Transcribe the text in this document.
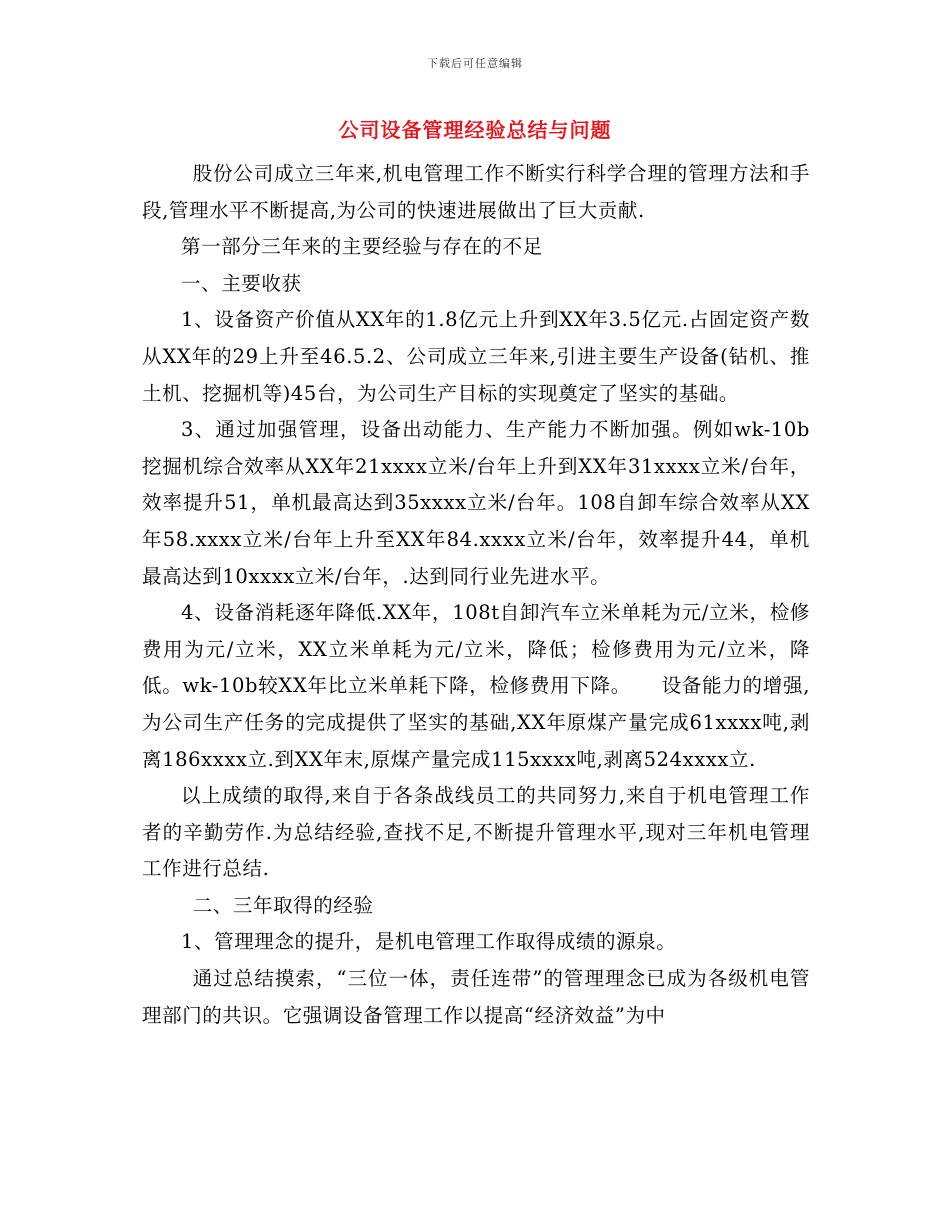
下载后可任意编辑
公司设备管理经验总结与问题

股份公司成立三年来,机电管理工作不断实行科学合理的管理方法和手段,管理水平不断提高,为公司的快速进展做出了巨大贡献.

第一部分三年来的主要经验与存在的不足

一、主要收获

1、设备资产价值从XX年的1.8亿元上升到XX年3.5亿元.占固定资产数从XX年的29上升至46.5.2、公司成立三年来,引进主要生产设备(钻机、推土机、挖掘机等)45台，为公司生产目标的实现奠定了坚实的基础。

3、通过加强管理，设备出动能力、生产能力不断加强。例如wk-10b挖掘机综合效率从XX年21xxxx立米/台年上升到XX年31xxxx立米/台年，效率提升51，单机最高达到35xxxx立米/台年。108自卸车综合效率从XX年58.xxxx立米/台年上升至XX年84.xxxx立米/台年，效率提升44，单机最高达到10xxxx立米/台年，.达到同行业先进水平。

4、设备消耗逐年降低.XX年，108t自卸汽车立米单耗为元/立米，检修费用为元/立米，XX立米单耗为元/立米，降低；检修费用为元/立米，降低。wk-10b较XX年比立米单耗下降，检修费用下降。　　设备能力的增强,为公司生产任务的完成提供了坚实的基础,XX年原煤产量完成61xxxx吨,剥离186xxxx立.到XX年末,原煤产量完成115xxxx吨,剥离524xxxx立.

以上成绩的取得,来自于各条战线员工的共同努力,来自于机电管理工作者的辛勤劳作.为总结经验,查找不足,不断提升管理水平,现对三年机电管理工作进行总结.

二、三年取得的经验

1、管理理念的提升，是机电管理工作取得成绩的源泉。

通过总结摸索，“三位一体，责任连带”的管理理念已成为各级机电管理部门的共识。它强调设备管理工作以提高“经济效益”为中
